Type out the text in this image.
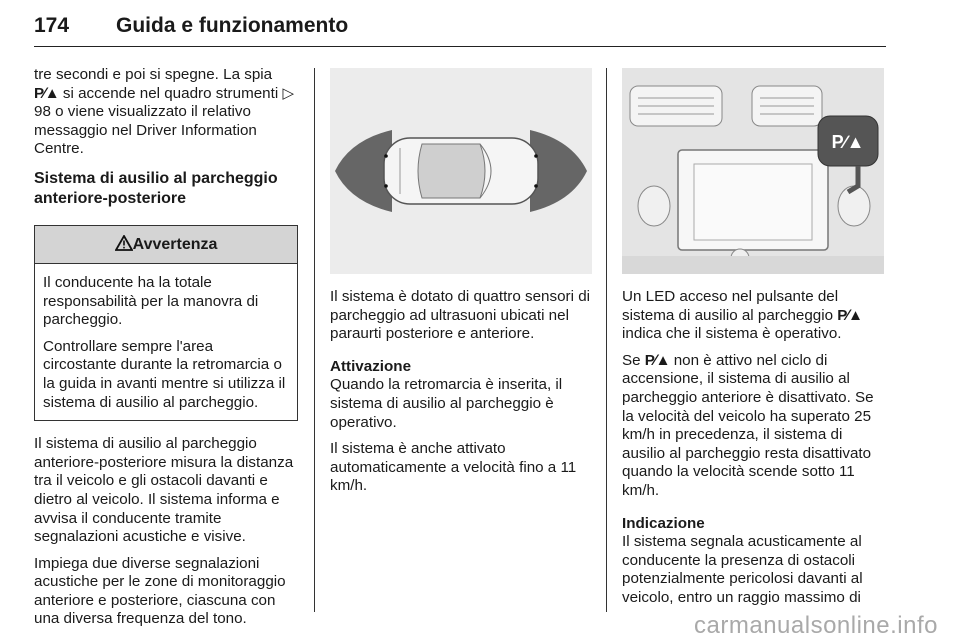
174 Guida e funzionamento

tre secondi e poi si spegne. La spia
P∕▲ si accende nel quadro strumenti ▷ 98 o viene visualizzato il relativo messaggio nel Driver Information Centre.

Sistema di ausilio al parcheggio anteriore-posteriore
Avvertenza

Il conducente ha la totale responsabilità per la manovra di parcheggio.

Controllare sempre l'area circostante durante la retromarcia o la guida in avanti mentre si utilizza il sistema di ausilio al parcheggio.

Il sistema di ausilio al parcheggio anteriore-posteriore misura la distanza tra il veicolo e gli ostacoli davanti e dietro al veicolo. Il sistema informa e avvisa il conducente tramite segnalazioni acustiche e visive.

Impiega due diverse segnalazioni acustiche per le zone di monitoraggio anteriore e posteriore, ciascuna con una diversa frequenza del tono.

Il sistema è dotato di quattro sensori di parcheggio ad ultrasuoni ubicati nel paraurti posteriore e anteriore.

Attivazione

Quando la retromarcia è inserita, il sistema di ausilio al parcheggio è operativo.

Il sistema è anche attivato automaticamente a velocità fino a 11 km/h.

P∕▲

Un LED acceso nel pulsante del sistema di ausilio al parcheggio P∕▲ indica che il sistema è operativo.

Se P∕▲ non è attivo nel ciclo di accensione, il sistema di ausilio al parcheggio anteriore è disattivato. Se la velocità del veicolo ha superato 25 km/h in precedenza, il sistema di ausilio al parcheggio resta disattivato quando la velocità scende sotto 11 km/h.

Indicazione

Il sistema segnala acusticamente al conducente la presenza di ostacoli potenzialmente pericolosi davanti al veicolo, entro un raggio massimo di

carmanualsonline.info
